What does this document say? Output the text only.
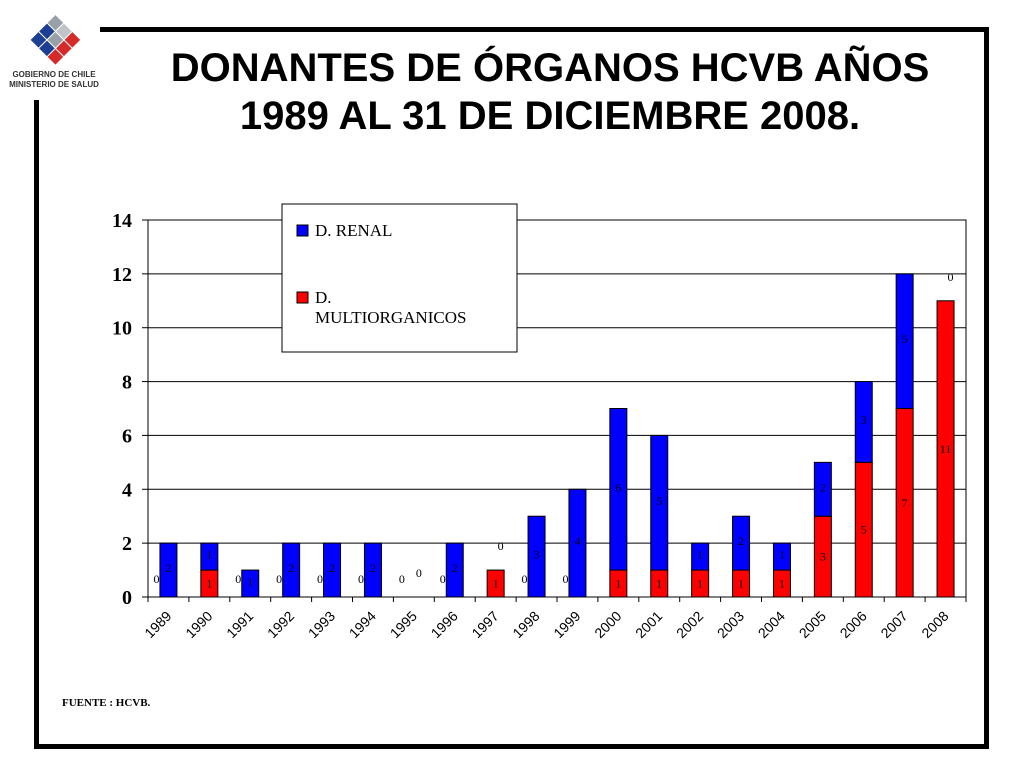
GOBIERNO DE CHILE
MINISTERIO DE SALUD	DONANTES DE ÓRGANOS HCVB AÑOS
1989 AL 31 DE DICIEMBRE 2008.
0
2
4
6
8
10
12
14
0
2
1989
1
1
1990
0 1
1991
0
2
1992
0
2
1993
0
2
1994
0 0
1995
0
2
1996
1
0
1997
0
3
1998
0
4
1999
1
6
2000
1
5
2001
1
1
2002
1
2
2003
1
1
2004
3
2
2005
5
3
2006
7
5
2007
11
0
2008
D. RENAL
D.
MULTIORGANICOS
FUENTE : HCVB.
